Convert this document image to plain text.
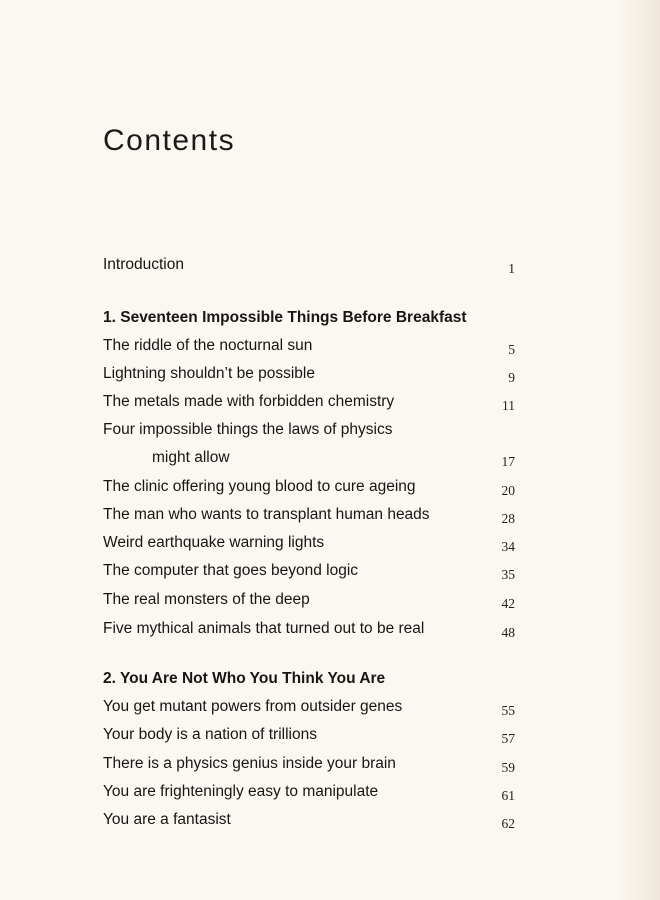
Contents
Introduction	1
1. Seventeen Impossible Things Before Breakfast
The riddle of the nocturnal sun	5
Lightning shouldn’t be possible	9
The metals made with forbidden chemistry	11
Four impossible things the laws of physics
might allow	17
The clinic offering young blood to cure ageing	20
The man who wants to transplant human heads	28
Weird earthquake warning lights	34
The computer that goes beyond logic	35
The real monsters of the deep	42
Five mythical animals that turned out to be real	48
2. You Are Not Who You Think You Are
You get mutant powers from outsider genes	55
Your body is a nation of trillions	57
There is a physics genius inside your brain	59
You are frighteningly easy to manipulate	61
You are a fantasist	62
